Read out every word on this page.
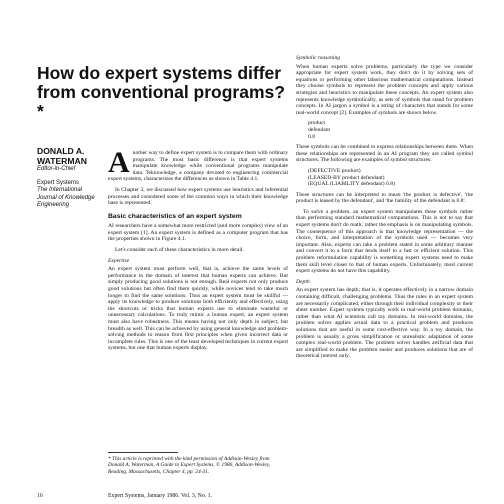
How do expert systems differ from conventional programs?*
DONALD A. WATERMAN
Editor-in-Chief
Expert Systems
The International Journal of Knowledge Engineering

Another way to define expert system is to compare them with ordinary programs. The most basic difference is that expert systems manipulate knowledge while conventional programs manipulate data. Teknowledge, a company devoted to engineering commercial expert systems, characterizes the differences as shown in Table 4.1.

In Chapter 3, we discussed how expert systems use heuristics and inferential processes and considered some of the common ways in which their knowledge base is represented.

Basic characteristics of an expert system

AI researchers have a somewhat more restricted (and more complex) view of an expert system [1]. An expert system is defined as a computer program that has the properties shown in Figure 4.1.

Let's consider each of these characteristics in more detail.

Expertise

An expert system must perform well, that is, achieve the same levels of performance in the domain of interest that human experts can achieve. But simply producing good solutions is not enough. Real experts not only produce good solutions but often find them quickly, while novices tend to take much longer to find the same solutions. Thus an expert system must be skillful — apply its knowledge to produce solutions both efficiently and effectively, using the shortcuts or tricks that human experts use to eliminate wasteful or unnecessary calculations. To truly mimic a human expert, an expert system must also have robustness. This means having not only depth in subject, but breadth as well. This can be achieved by using general knowledge and problem-solving methods to reason from first principles when given incorrect data or incomplete rules. This is one of the least developed techniques in current expert systems, but one that human experts display.

* This article is reprinted with the kind permission of Addison-Wesley from Donald A. Waterman, A Guide to Expert Systems, © 1986, Addison-Wesley, Reading, Massachusetts, Chapter 4, pp. 24-31.
Symbolic reasoning

When human experts solve problems, particularly the type we consider appropriate for expert system work, they don't do it by solving sets of equations or performing other laborious mathematical computations. Instead they choose symbols to represent the problem concepts and apply various strategies and heuristics to manipulate these concepts. An expert system also represents knowledge symbolically, as sets of symbols that stand for problem concepts. In AI jargon a symbol is a string of characters that stands for some real-world concept [2]. Examples of symbols are shown below.

product
defendant
0.8

These symbols can be combined to express relationships between them. When these relationships are represented in an AI program they are called symbol structures. The following are examples of symbol structures:

(DEFECTIVE product)
(LEASED-BY product defendant)
(EQUAL (LIABILITY defendant) 0.8)

These structures can be interpreted to mean 'the product is defective', 'the product is leased by the defendant', and 'the liability of the defendant is 0.8'.

To solve a problem, an expert system manipulates these symbols rather than performing standard mathematical computations. This is not to say that expert systems don't do math; rather the emphasis is on manipulating symbols. The consequence of this approach is that knowledge representation — the choice, form, and interpretation of the symbols used — becomes very important. Also, experts can take a problem stated in some arbitrary manner and convert it to a form that lends itself to a fast or efficient solution. This problem reformulation capability is something expert systems need to make them skill level closer to that of human experts. Unfortunately, most current expert systems do not have this capability.

Depth

An expert system has depth; that is, it operates effectively in a narrow domain containing difficult, challenging problems. Thus the rules in an expert system are necessarily complicated, either through their individual complexity or their sheer number. Expert systems typically work in real-world problem domains, rather than what AI scientists call toy domains. In real-world domains, the problem solver applies actual data to a practical problem and produces solutions that are useful in some cost-effective way. In a toy domain, the problem is usually a gross simplification or unrealistic adaptation of some complex real-world problem. The problem solver handles artificial data that are simplified to make the problem easier and produces solutions that are of theoretical interest only.

16	Expert Systems, January 1986. Vol. 3, No. 1.
